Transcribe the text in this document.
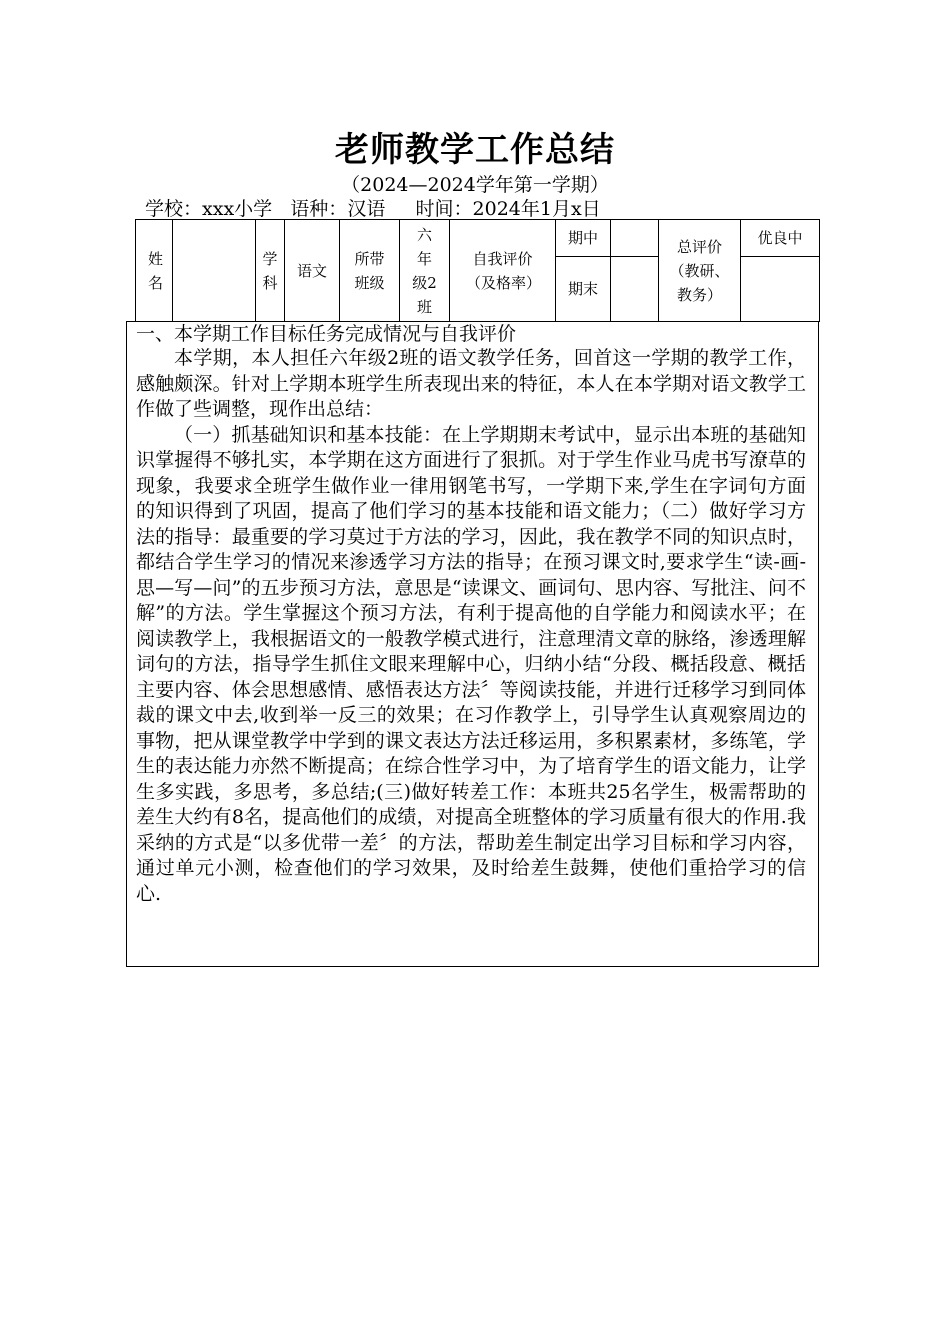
老师教学工作总结
（2024—2024学年第一学期）
学校：xxx小学 语种：汉语 时间：2024年1月x日
姓名		学科	语文	所带班级	六年级2班	自我评价（及格率）	期中		总评价（教研、教务）	优良中
							期末			
一、本学期工作目标任务完成情况与自我评价

本学期，本人担任六年级2班的语文教学任务，回首这一学期的教学工作，感触颇深。针对上学期本班学生所表现出来的特征，本人在本学期对语文教学工作做了些调整，现作出总结：

（一）抓基础知识和基本技能：在上学期期末考试中，显示出本班的基础知识掌握得不够扎实，本学期在这方面进行了狠抓。对于学生作业马虎书写潦草的现象，我要求全班学生做作业一律用钢笔书写，一学期下来,学生在字词句方面的知识得到了巩固，提高了他们学习的基本技能和语文能力；（二）做好学习方法的指导：最重要的学习莫过于方法的学习，因此，我在教学不同的知识点时，都结合学生学习的情况来渗透学习方法的指导；在预习课文时,要求学生“读-画-思—写—问”的五步预习方法，意思是“读课文、画词句、思内容、写批注、问不解”的方法。学生掌握这个预习方法，有利于提高他的自学能力和阅读水平；在阅读教学上，我根据语文的一般教学模式进行，注意理清文章的脉络，渗透理解词句的方法，指导学生抓住文眼来理解中心，归纳小结“分段、概括段意、概括主要内容、体会思想感情、感悟表达方法〞等阅读技能，并进行迁移学习到同体裁的课文中去,收到举一反三的效果；在习作教学上，引导学生认真观察周边的事物，把从课堂教学中学到的课文表达方法迁移运用，多积累素材，多练笔，学生的表达能力亦然不断提高；在综合性学习中，为了培育学生的语文能力，让学生多实践，多思考，多总结;(三)做好转差工作：本班共25名学生，极需帮助的差生大约有8名，提高他们的成绩，对提高全班整体的学习质量有很大的作用.我采纳的方式是“以多优带一差〞的方法，帮助差生制定出学习目标和学习内容，通过单元小测，检查他们的学习效果，及时给差生鼓舞，使他们重拾学习的信心.
